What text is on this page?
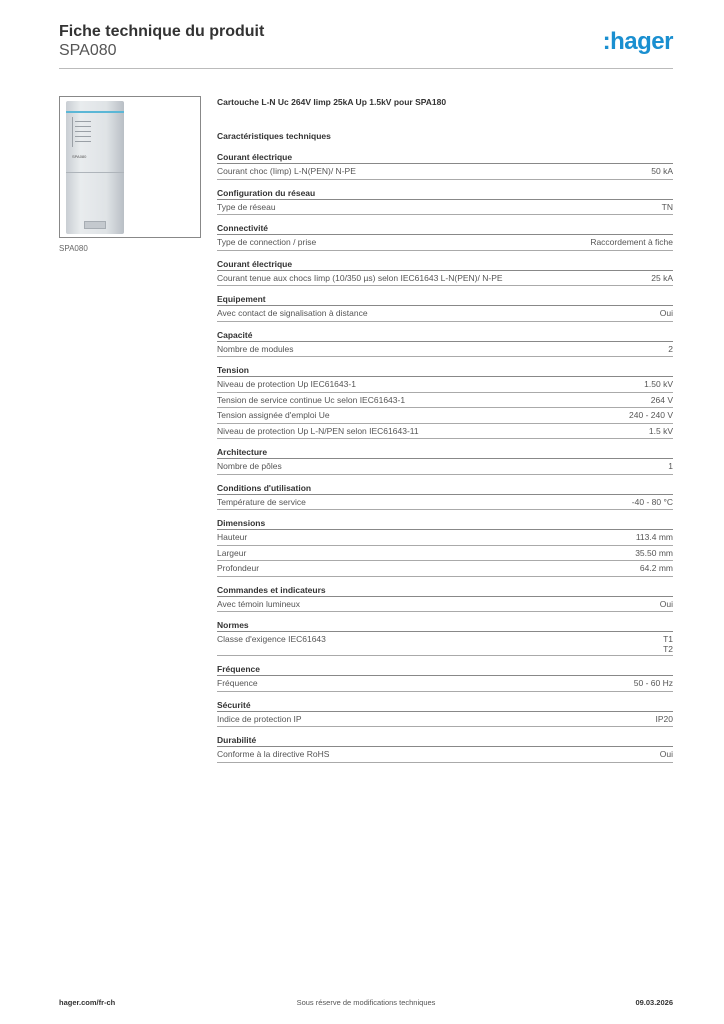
Fiche technique du produit
SPA080	:hager
SPA080
SPA080
Cartouche L-N Uc 264V Iimp 25kA Up 1.5kV pour SPA180
Caractéristiques techniques
Courant électrique
Courant choc (Iimp) L-N(PEN)/ N-PE	50 kA
Configuration du réseau
Type de réseau	TN
Connectivité
Type de connection / prise	Raccordement à fiche
Courant électrique
Courant tenue aux chocs Iimp (10/350 µs) selon IEC61643 L-N(PEN)/ N-PE	25 kA
Equipement
Avec contact de signalisation à distance	Oui
Capacité
Nombre de modules	2
Tension
Niveau de protection Up IEC61643-1	1.50 kV
Tension de service continue Uc selon IEC61643-1	264 V
Tension assignée d'emploi Ue	240 - 240 V
Niveau de protection Up L-N/PEN selon IEC61643-11	1.5 kV
Architecture
Nombre de pôles	1
Conditions d'utilisation
Température de service	-40 - 80 °C
Dimensions
Hauteur	113.4 mm
Largeur	35.50 mm
Profondeur	64.2 mm
Commandes et indicateurs
Avec témoin lumineux	Oui
Normes
Classe d'exigence IEC61643	T1
T2
Fréquence
Fréquence	50 - 60 Hz
Sécurité
Indice de protection IP	IP20
Durabilité
Conforme à la directive RoHS	Oui
hager.com/fr-ch	Sous réserve de modifications techniques	09.03.2026
